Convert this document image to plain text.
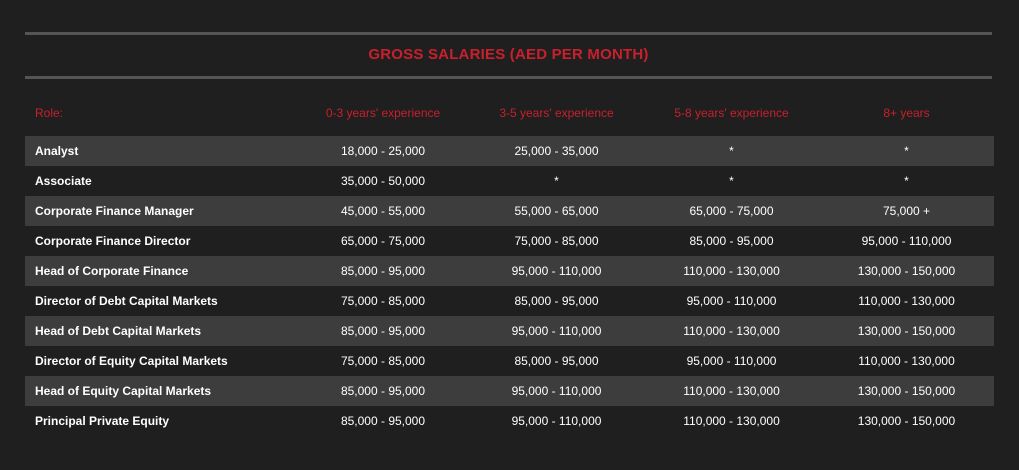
GROSS SALARIES (AED PER MONTH)
Role:	0-3 years' experience	3-5 years' experience	5-8 years' experience	8+ years
Analyst	18,000 - 25,000	25,000 - 35,000	*	*
Associate	35,000 - 50,000	*	*	*
Corporate Finance Manager	45,000 - 55,000	55,000 - 65,000	65,000 - 75,000	75,000 +
Corporate Finance Director	65,000 - 75,000	75,000 - 85,000	85,000 - 95,000	95,000 - 110,000
Head of Corporate Finance	85,000 - 95,000	95,000 - 110,000	110,000 - 130,000	130,000 - 150,000
Director of Debt Capital Markets	75,000 - 85,000	85,000 - 95,000	95,000 - 110,000	110,000 - 130,000
Head of Debt Capital Markets	85,000 - 95,000	95,000 - 110,000	110,000 - 130,000	130,000 - 150,000
Director of Equity Capital Markets	75,000 - 85,000	85,000 - 95,000	95,000 - 110,000	110,000 - 130,000
Head of Equity Capital Markets	85,000 - 95,000	95,000 - 110,000	110,000 - 130,000	130,000 - 150,000
Principal Private Equity	85,000 - 95,000	95,000 - 110,000	110,000 - 130,000	130,000 - 150,000
